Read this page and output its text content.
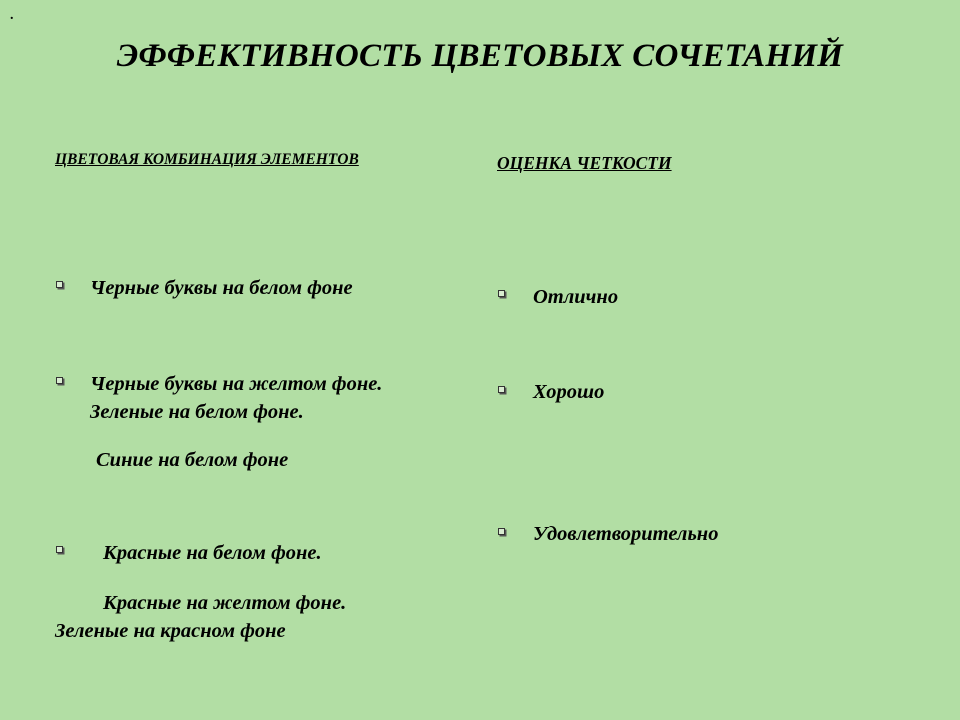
.
ЭФФЕКТИВНОСТЬ ЦВЕТОВЫХ СОЧЕТАНИЙ
ЦВЕТОВАЯ КОМБИНАЦИЯ ЭЛЕМЕНТОВ	ОЦЕНКА ЧЕТКОСТИ
Черные буквы на белом фоне
Черные буквы на желтом фоне.
Зеленые на белом фоне.
Синие на белом фоне
Красные на белом фоне.
Красные на желтом фоне.
Зеленые на красном фоне
Отлично
Хорошо
Удовлетворительно
